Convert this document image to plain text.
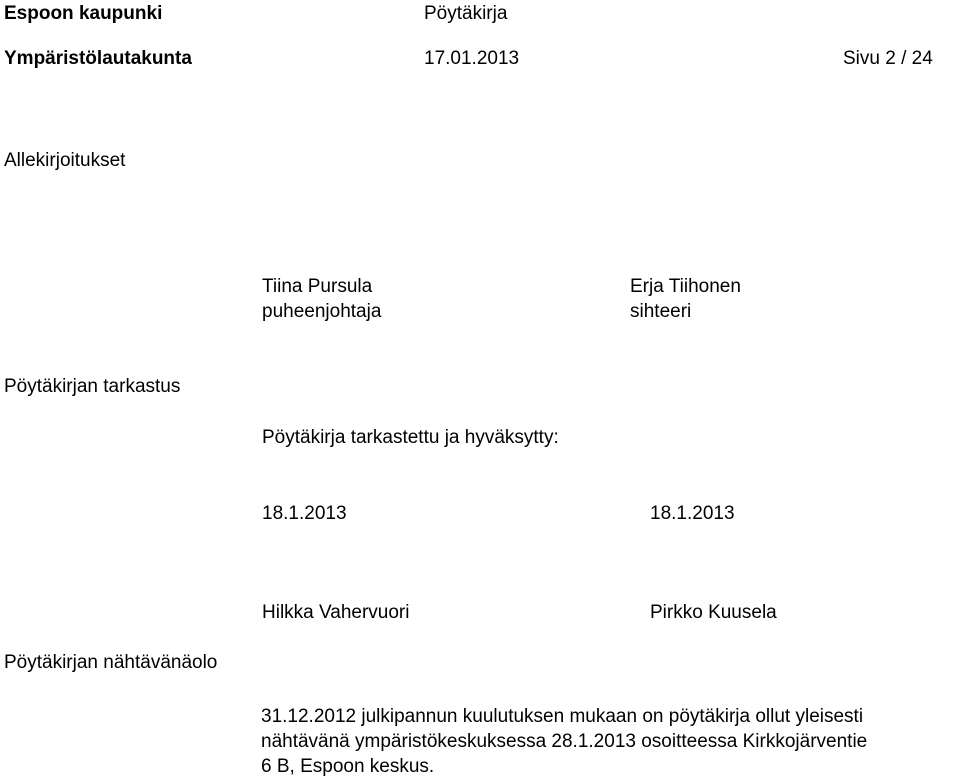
Espoon kaupunki	Pöytäkirja
Ympäristölautakunta	17.01.2013	Sivu 2 / 24
Allekirjoitukset
Tiina Pursula
puheenjohtaja
Erja Tiihonen
sihteeri
Pöytäkirjan tarkastus
Pöytäkirja tarkastettu ja hyväksytty:
18.1.2013	18.1.2013
Hilkka Vahervuori	Pirkko Kuusela
Pöytäkirjan nähtävänäolo
31.12.2012 julkipannun kuulutuksen mukaan on pöytäkirja ollut yleisesti
nähtävänä ympäristökeskuksessa 28.1.2013 osoitteessa Kirkkojärventie
6 B, Espoon keskus.
